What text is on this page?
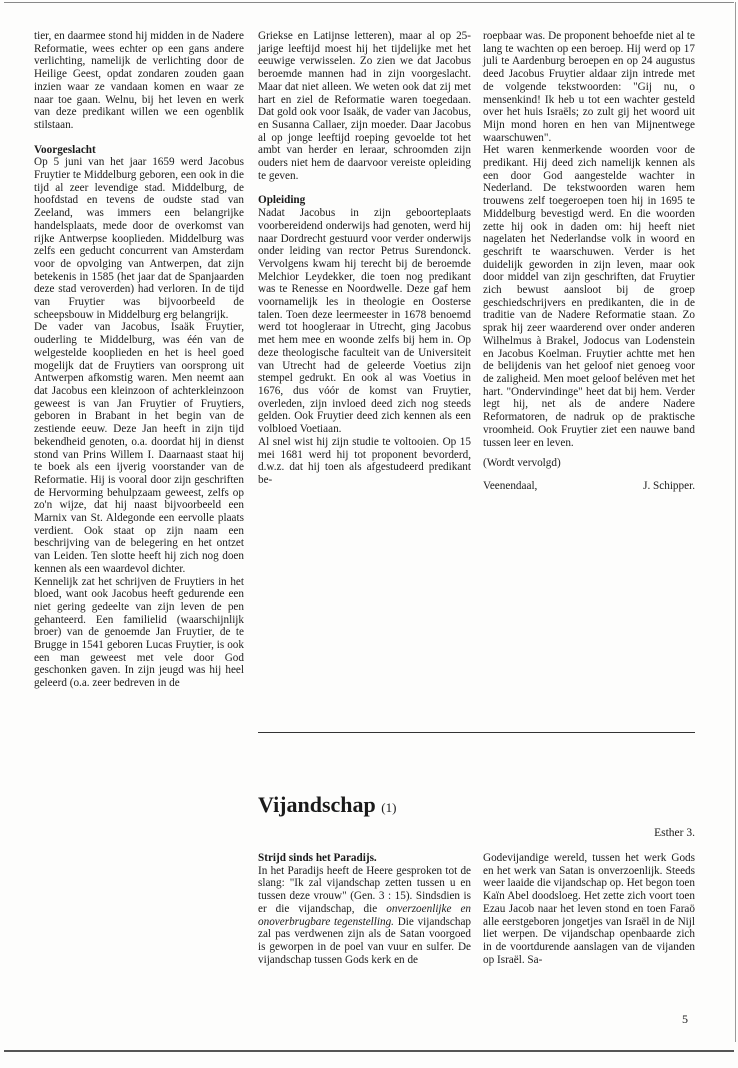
tier, en daarmee stond hij midden in de Nadere Reformatie, wees echter op een gans andere verlichting, namelijk de verlichting door de Heilige Geest, opdat zondaren zouden gaan inzien waar ze vandaan komen en waar ze naar toe gaan. Welnu, bij het leven en werk van deze predikant willen we een ogenblik stilstaan.

Voorgeslacht

Op 5 juni van het jaar 1659 werd Jacobus Fruytier te Middelburg geboren, een ook in die tijd al zeer levendige stad. Middelburg, de hoofdstad en tevens de oudste stad van Zeeland, was immers een belangrijke handelsplaats, mede door de overkomst van rijke Antwerpse kooplieden. Middelburg was zelfs een geducht concurrent van Amsterdam voor de opvolging van Antwerpen, dat zijn betekenis in 1585 (het jaar dat de Spanjaarden deze stad veroverden) had verloren. In de tijd van Fruytier was bijvoorbeeld de scheepsbouw in Middelburg erg belangrijk.

De vader van Jacobus, Isaäk Fruytier, ouderling te Middelburg, was één van de welgestelde kooplieden en het is heel goed mogelijk dat de Fruytiers van oorsprong uit Antwerpen afkomstig waren. Men neemt aan dat Jacobus een kleinzoon of achterkleinzoon geweest is van Jan Fruytier of Fruytiers, geboren in Brabant in het begin van de zestiende eeuw. Deze Jan heeft in zijn tijd bekendheid genoten, o.a. doordat hij in dienst stond van Prins Willem I. Daarnaast staat hij te boek als een ijverig voorstander van de Reformatie. Hij is vooral door zijn geschriften de Hervorming behulpzaam geweest, zelfs op zo'n wijze, dat hij naast bijvoorbeeld een Marnix van St. Aldegonde een eervolle plaats verdient. Ook staat op zijn naam een beschrijving van de belegering en het ontzet van Leiden. Ten slotte heeft hij zich nog doen kennen als een waardevol dichter.

Kennelijk zat het schrijven de Fruytiers in het bloed, want ook Jacobus heeft gedurende een niet gering gedeelte van zijn leven de pen gehanteerd. Een familielid (waarschijnlijk broer) van de genoemde Jan Fruytier, de te Brugge in 1541 geboren Lucas Fruytier, is ook een man geweest met vele door God geschonken gaven. In zijn jeugd was hij heel geleerd (o.a. zeer bedreven in de

Griekse en Latijnse letteren), maar al op 25-jarige leeftijd moest hij het tijdelijke met het eeuwige verwisselen. Zo zien we dat Jacobus beroemde mannen had in zijn voorgeslacht. Maar dat niet alleen. We weten ook dat zij met hart en ziel de Reformatie waren toegedaan. Dat gold ook voor Isaäk, de vader van Jacobus, en Susanna Callaer, zijn moeder. Daar Jacobus al op jonge leeftijd roeping gevoelde tot het ambt van herder en leraar, schroomden zijn ouders niet hem de daarvoor vereiste opleiding te geven.

Opleiding

Nadat Jacobus in zijn geboorteplaats voorbereidend onderwijs had genoten, werd hij naar Dordrecht gestuurd voor verder onderwijs onder leiding van rector Petrus Surendonck. Vervolgens kwam hij terecht bij de beroemde Melchior Leydekker, die toen nog predikant was te Renesse en Noordwelle. Deze gaf hem voornamelijk les in theologie en Oosterse talen. Toen deze leermeester in 1678 benoemd werd tot hoogleraar in Utrecht, ging Jacobus met hem mee en woonde zelfs bij hem in. Op deze theologische faculteit van de Universiteit van Utrecht had de geleerde Voetius zijn stempel gedrukt. En ook al was Voetius in 1676, dus vóór de komst van Fruytier, overleden, zijn invloed deed zich nog steeds gelden. Ook Fruytier deed zich kennen als een volbloed Voetiaan.

Al snel wist hij zijn studie te voltooien. Op 15 mei 1681 werd hij tot proponent bevorderd, d.w.z. dat hij toen als afgestudeerd predikant be-

roepbaar was. De proponent behoefde niet al te lang te wachten op een beroep. Hij werd op 17 juli te Aardenburg beroepen en op 24 augustus deed Jacobus Fruytier aldaar zijn intrede met de volgende tekstwoorden: "Gij nu, o mensenkind! Ik heb u tot een wachter gesteld over het huis Israëls; zo zult gij het woord uit Mijn mond horen en hen van Mijnentwege waarschuwen".

Het waren kenmerkende woorden voor de predikant. Hij deed zich namelijk kennen als een door God aangestelde wachter in Nederland. De tekstwoorden waren hem trouwens zelf toegeroepen toen hij in 1695 te Middelburg bevestigd werd. En die woorden zette hij ook in daden om: hij heeft niet nagelaten het Nederlandse volk in woord en geschrift te waarschuwen. Verder is het duidelijk geworden in zijn leven, maar ook door middel van zijn geschriften, dat Fruytier zich bewust aansloot bij de groep geschiedschrijvers en predikanten, die in de traditie van de Nadere Reformatie staan. Zo sprak hij zeer waarderend over onder anderen Wilhelmus à Brakel, Jodocus van Lodenstein en Jacobus Koelman. Fruytier achtte met hen de belijdenis van het geloof niet genoeg voor de zaligheid. Men moet geloof beléven met het hart. "Ondervindinge" heet dat bij hem. Verder legt hij, net als de andere Nadere Reformatoren, de nadruk op de praktische vroomheid. Ook Fruytier ziet een nauwe band tussen leer en leven.

(Wordt vervolgd)

Veenendaal,	J. Schipper.
Vijandschap (1)
Esther 3.
Strijd sinds het Paradijs.

In het Paradijs heeft de Heere gesproken tot de slang: "Ik zal vijandschap zetten tussen u en tussen deze vrouw" (Gen. 3 : 15). Sindsdien is er die vijandschap, die onverzoenlijke en onoverbrugbare tegenstelling. Die vijandschap zal pas verdwenen zijn als de Satan voorgoed is geworpen in de poel van vuur en sulfer. De vijandschap tussen Gods kerk en de

Godevijandige wereld, tussen het werk Gods en het werk van Satan is onverzoenlijk. Steeds weer laaide die vijandschap op. Het begon toen Kaïn Abel doodsloeg. Het zette zich voort toen Ezau Jacob naar het leven stond en toen Faraö alle eerstgeboren jongetjes van Israël in de Nijl liet werpen. De vijandschap openbaarde zich in de voortdurende aanslagen van de vijanden op Israël. Sa-

5
